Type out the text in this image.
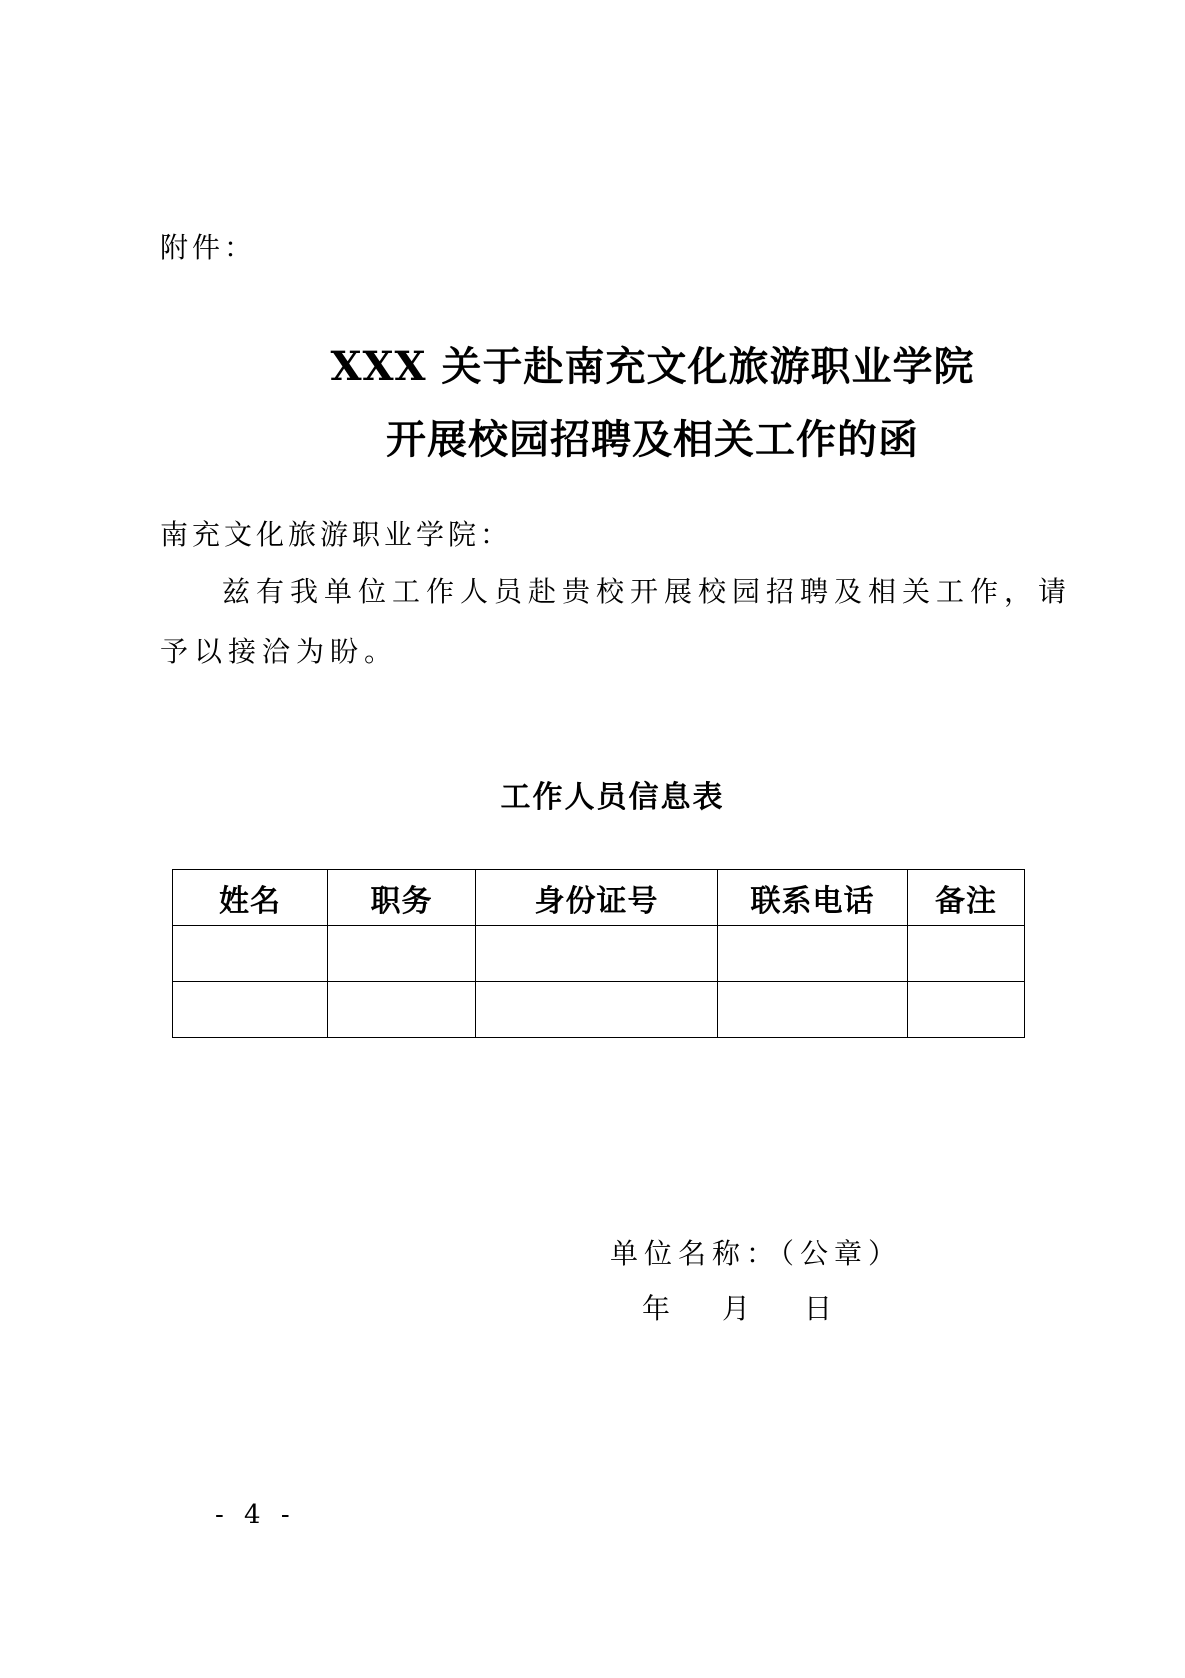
附件：
XXX 关于赴南充文化旅游职业学院
开展校园招聘及相关工作的函
南充文化旅游职业学院：
兹有我单位工作人员赴贵校开展校园招聘及相关工作，请
予以接洽为盼。
工作人员信息表
姓名	职务	身份证号	联系电话	备注

单位名称：（公章）
年 月 日
- 4 -
